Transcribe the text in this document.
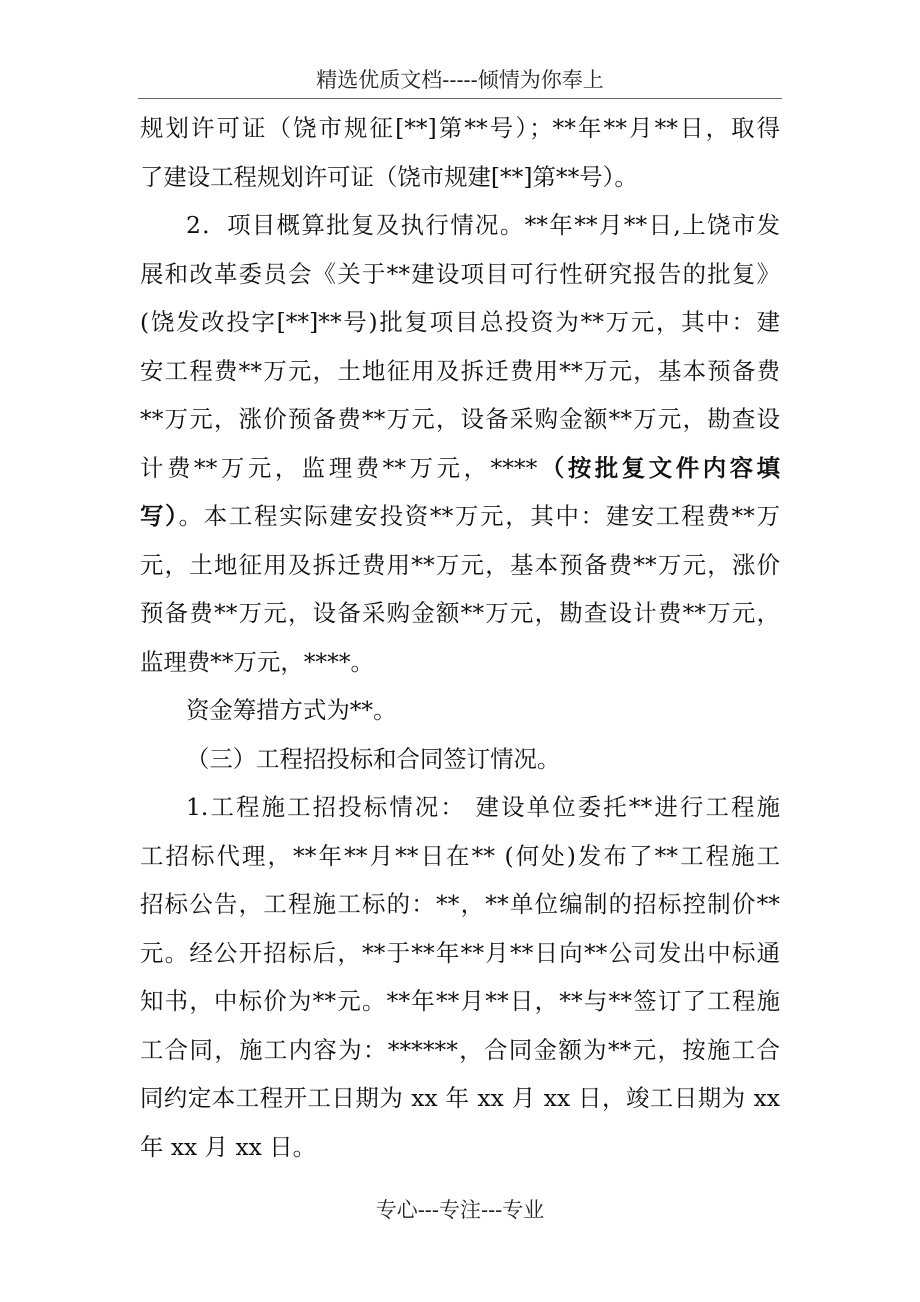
精选优质文档-----倾情为你奉上
规划许可证（饶市规征[**]第**号）；**年**月**日，取得
了建设工程规划许可证（饶市规建[**]第**号）。
2．项目概算批复及执行情况。**年**月**日,上饶市发
展和改革委员会《关于**建设项目可行性研究报告的批复》
(饶发改投字[**]**号)批复项目总投资为**万元，其中：建
安工程费**万元，土地征用及拆迁费用**万元，基本预备费
**万元，涨价预备费**万元，设备采购金额**万元，勘查设
计费**万元，监理费**万元，****（按批复文件内容填
写）。本工程实际建安投资**万元，其中：建安工程费**万
元，土地征用及拆迁费用**万元，基本预备费**万元，涨价
预备费**万元，设备采购金额**万元，勘查设计费**万元，
监理费**万元，****。
资金筹措方式为**。
（三）工程招投标和合同签订情况。
1.工程施工招投标情况： 建设单位委托**进行工程施
工招标代理，**年**月**日在** (何处)发布了**工程施工
招标公告，工程施工标的：**，**单位编制的招标控制价**
元。经公开招标后，**于**年**月**日向**公司发出中标通
知书，中标价为**元。**年**月**日，**与**签订了工程施
工合同，施工内容为：******，合同金额为**元，按施工合
同约定本工程开工日期为 xx 年 xx 月 xx 日，竣工日期为 xx
年 xx 月 xx 日。
专心---专注---专业
